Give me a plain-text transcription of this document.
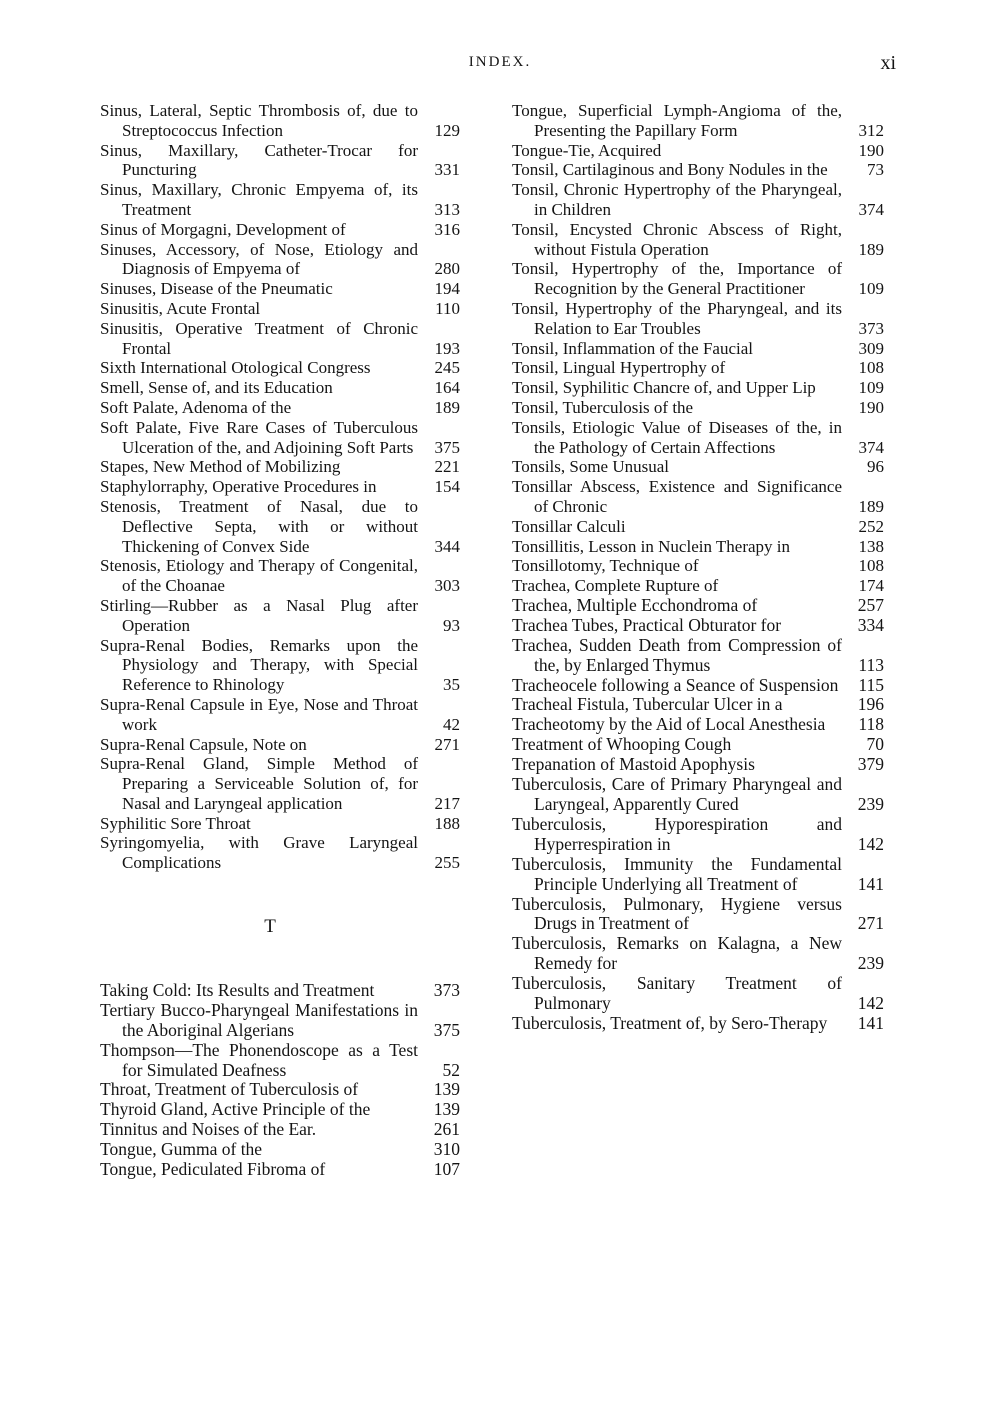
INDEX.	xi
Sinus, Lateral, Septic Thrombosis of, due to Streptococcus Infection	129
Sinus, Maxillary, Catheter-Trocar for Puncturing	331
Sinus, Maxillary, Chronic Empyema of, its Treatment	313
Sinus of Morgagni, Development of	316
Sinuses, Accessory, of Nose, Etiology and Diagnosis of Empyema of	280
Sinuses, Disease of the Pneumatic	194
Sinusitis, Acute Frontal	110
Sinusitis, Operative Treatment of Chronic Frontal	193
Sixth International Otological Congress	245
Smell, Sense of, and its Education	164
Soft Palate, Adenoma of the	189
Soft Palate, Five Rare Cases of Tuberculous Ulceration of the, and Adjoining Soft Parts	375
Stapes, New Method of Mobilizing	221
Staphylorraphy, Operative Procedures in	154
Stenosis, Treatment of Nasal, due to Deflective Septa, with or without Thickening of Convex Side	344
Stenosis, Etiology and Therapy of Congenital, of the Choanae	303
Stirling—Rubber as a Nasal Plug after Operation	93
Supra-Renal Bodies, Remarks upon the Physiology and Therapy, with Special Reference to Rhinology	35
Supra-Renal Capsule in Eye, Nose and Throat work	42
Supra-Renal Capsule, Note on	271
Supra-Renal Gland, Simple Method of Preparing a Serviceable Solution of, for Nasal and Laryngeal application	217
Syphilitic Sore Throat	188
Syringomyelia, with Grave Laryngeal Complications	255
T
Taking Cold: Its Results and Treatment	373
Tertiary Bucco-Pharyngeal Manifestations in the Aboriginal Algerians	375
Thompson—The Phonendoscope as a Test for Simulated Deafness	52
Throat, Treatment of Tuberculosis of	139
Thyroid Gland, Active Principle of the	139
Tinnitus and Noises of the Ear.	261
Tongue, Gumma of the	310
Tongue, Pediculated Fibroma of	107
Tongue, Superficial Lymph-Angioma of the, Presenting the Papillary Form	312
Tongue-Tie, Acquired	190
Tonsil, Cartilaginous and Bony Nodules in the	73
Tonsil, Chronic Hypertrophy of the Pharyngeal, in Children	374
Tonsil, Encysted Chronic Abscess of Right, without Fistula Operation	189
Tonsil, Hypertrophy of the, Importance of Recognition by the General Practitioner	109
Tonsil, Hypertrophy of the Pharyngeal, and its Relation to Ear Troubles	373
Tonsil, Inflammation of the Faucial	309
Tonsil, Lingual Hypertrophy of	108
Tonsil, Syphilitic Chancre of, and Upper Lip	109
Tonsil, Tuberculosis of the	190
Tonsils, Etiologic Value of Diseases of the, in the Pathology of Certain Affections	374
Tonsils, Some Unusual	96
Tonsillar Abscess, Existence and Significance of Chronic	189
Tonsillar Calculi	252
Tonsillitis, Lesson in Nuclein Therapy in	138
Tonsillotomy, Technique of	108
Trachea, Complete Rupture of	174
Trachea, Multiple Ecchondroma of	257
Trachea Tubes, Practical Obturator for	334
Trachea, Sudden Death from Compression of the, by Enlarged Thymus	113
Tracheocele following a Seance of Suspension	115
Tracheal Fistula, Tubercular Ulcer in a	196
Tracheotomy by the Aid of Local Anesthesia	118
Treatment of Whooping Cough	70
Trepanation of Mastoid Apophysis	379
Tuberculosis, Care of Primary Pharyngeal and Laryngeal, Apparently Cured	239
Tuberculosis, Hyporespiration and Hyperrespiration in	142
Tuberculosis, Immunity the Fundamental Principle Underlying all Treatment of	141
Tuberculosis, Pulmonary, Hygiene versus Drugs in Treatment of	271
Tuberculosis, Remarks on Kalagna, a New Remedy for	239
Tuberculosis, Sanitary Treatment of Pulmonary	142
Tuberculosis, Treatment of, by Sero-Therapy	141
